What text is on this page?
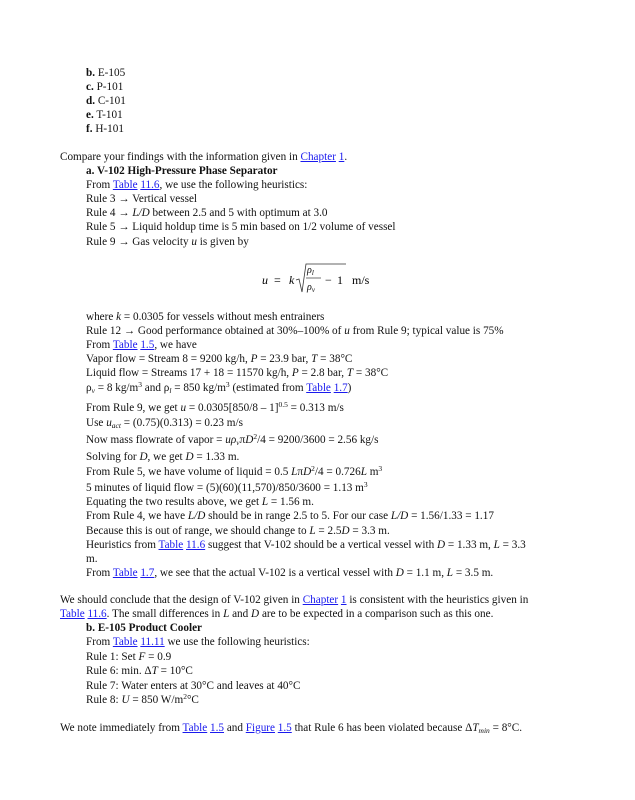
b. E-105
c. P-101
d. C-101
e. T-101
f. H-101
Compare your findings with the information given in Chapter 1.
a. V-102 High-Pressure Phase Separator
From Table 11.6, we use the following heuristics:
Rule 3 → Vertical vessel
Rule 4 → L/D between 2.5 and 5 with optimum at 3.0
Rule 5 → Liquid holdup time is 5 min based on 1/2 volume of vessel
Rule 9 → Gas velocity u is given by
u = k
$\rho_l$
$\rho_v$
− 1 m/s
where k = 0.0305 for vessels without mesh entrainers
Rule 12 → Good performance obtained at 30%–100% of u from Rule 9; typical value is 75%
From Table 1.5, we have
Vapor flow = Stream 8 = 9200 kg/h, P = 23.9 bar, T = 38°C
Liquid flow = Streams 17 + 18 = 11570 kg/h, P = 2.8 bar, T = 38°C
$\rho_v = 8$ $kg/m^3$ and $\rho_l = 850$ $kg/m^3$ (estimated from Table 1.7)
From Rule 9, we get u = 0.0305[850/8 – 1]$^{0.5}$ = 0.313 m/s
Use $u_{act} = (0.75)(0.313) = 0.23$ m/s
Now mass flowrate of vapor = $u\rho_v\pi D^2/4 = 9200/3600 = 2.56$ kg/s
Solving for D, we get D = 1.33 m.
From Rule 5, we have volume of liquid = 0.5 LπD$^2$/4 = 0.726L $m^3$
5 minutes of liquid flow = (5)(60)(11,570)/850/3600 = 1.13 $m^3$
Equating the two results above, we get L = 1.56 m.
From Rule 4, we have L/D should be in range 2.5 to 5. For our case L/D = 1.56/1.33 = 1.17
Because this is out of range, we should change to L = 2.5D = 3.3 m.
Heuristics from Table 11.6 suggest that V-102 should be a vertical vessel with D = 1.33 m, L = 3.3
m.
From Table 1.7, we see that the actual V-102 is a vertical vessel with D = 1.1 m, L = 3.5 m.
We should conclude that the design of V-102 given in Chapter 1 is consistent with the heuristics given in
Table 11.6. The small differences in L and D are to be expected in a comparison such as this one.
b. E-105 Product Cooler
From Table 11.11 we use the following heuristics:
Rule 1: Set F = 0.9
Rule 6: min. ΔT = 10°C
Rule 7: Water enters at 30°C and leaves at 40°C
Rule 8: U = 850 $W/m^2^\circ C$
We note immediately from Table 1.5 and Figure 1.5 that Rule 6 has been violated because $\Delta T_{min} = 8^\circ C$.
